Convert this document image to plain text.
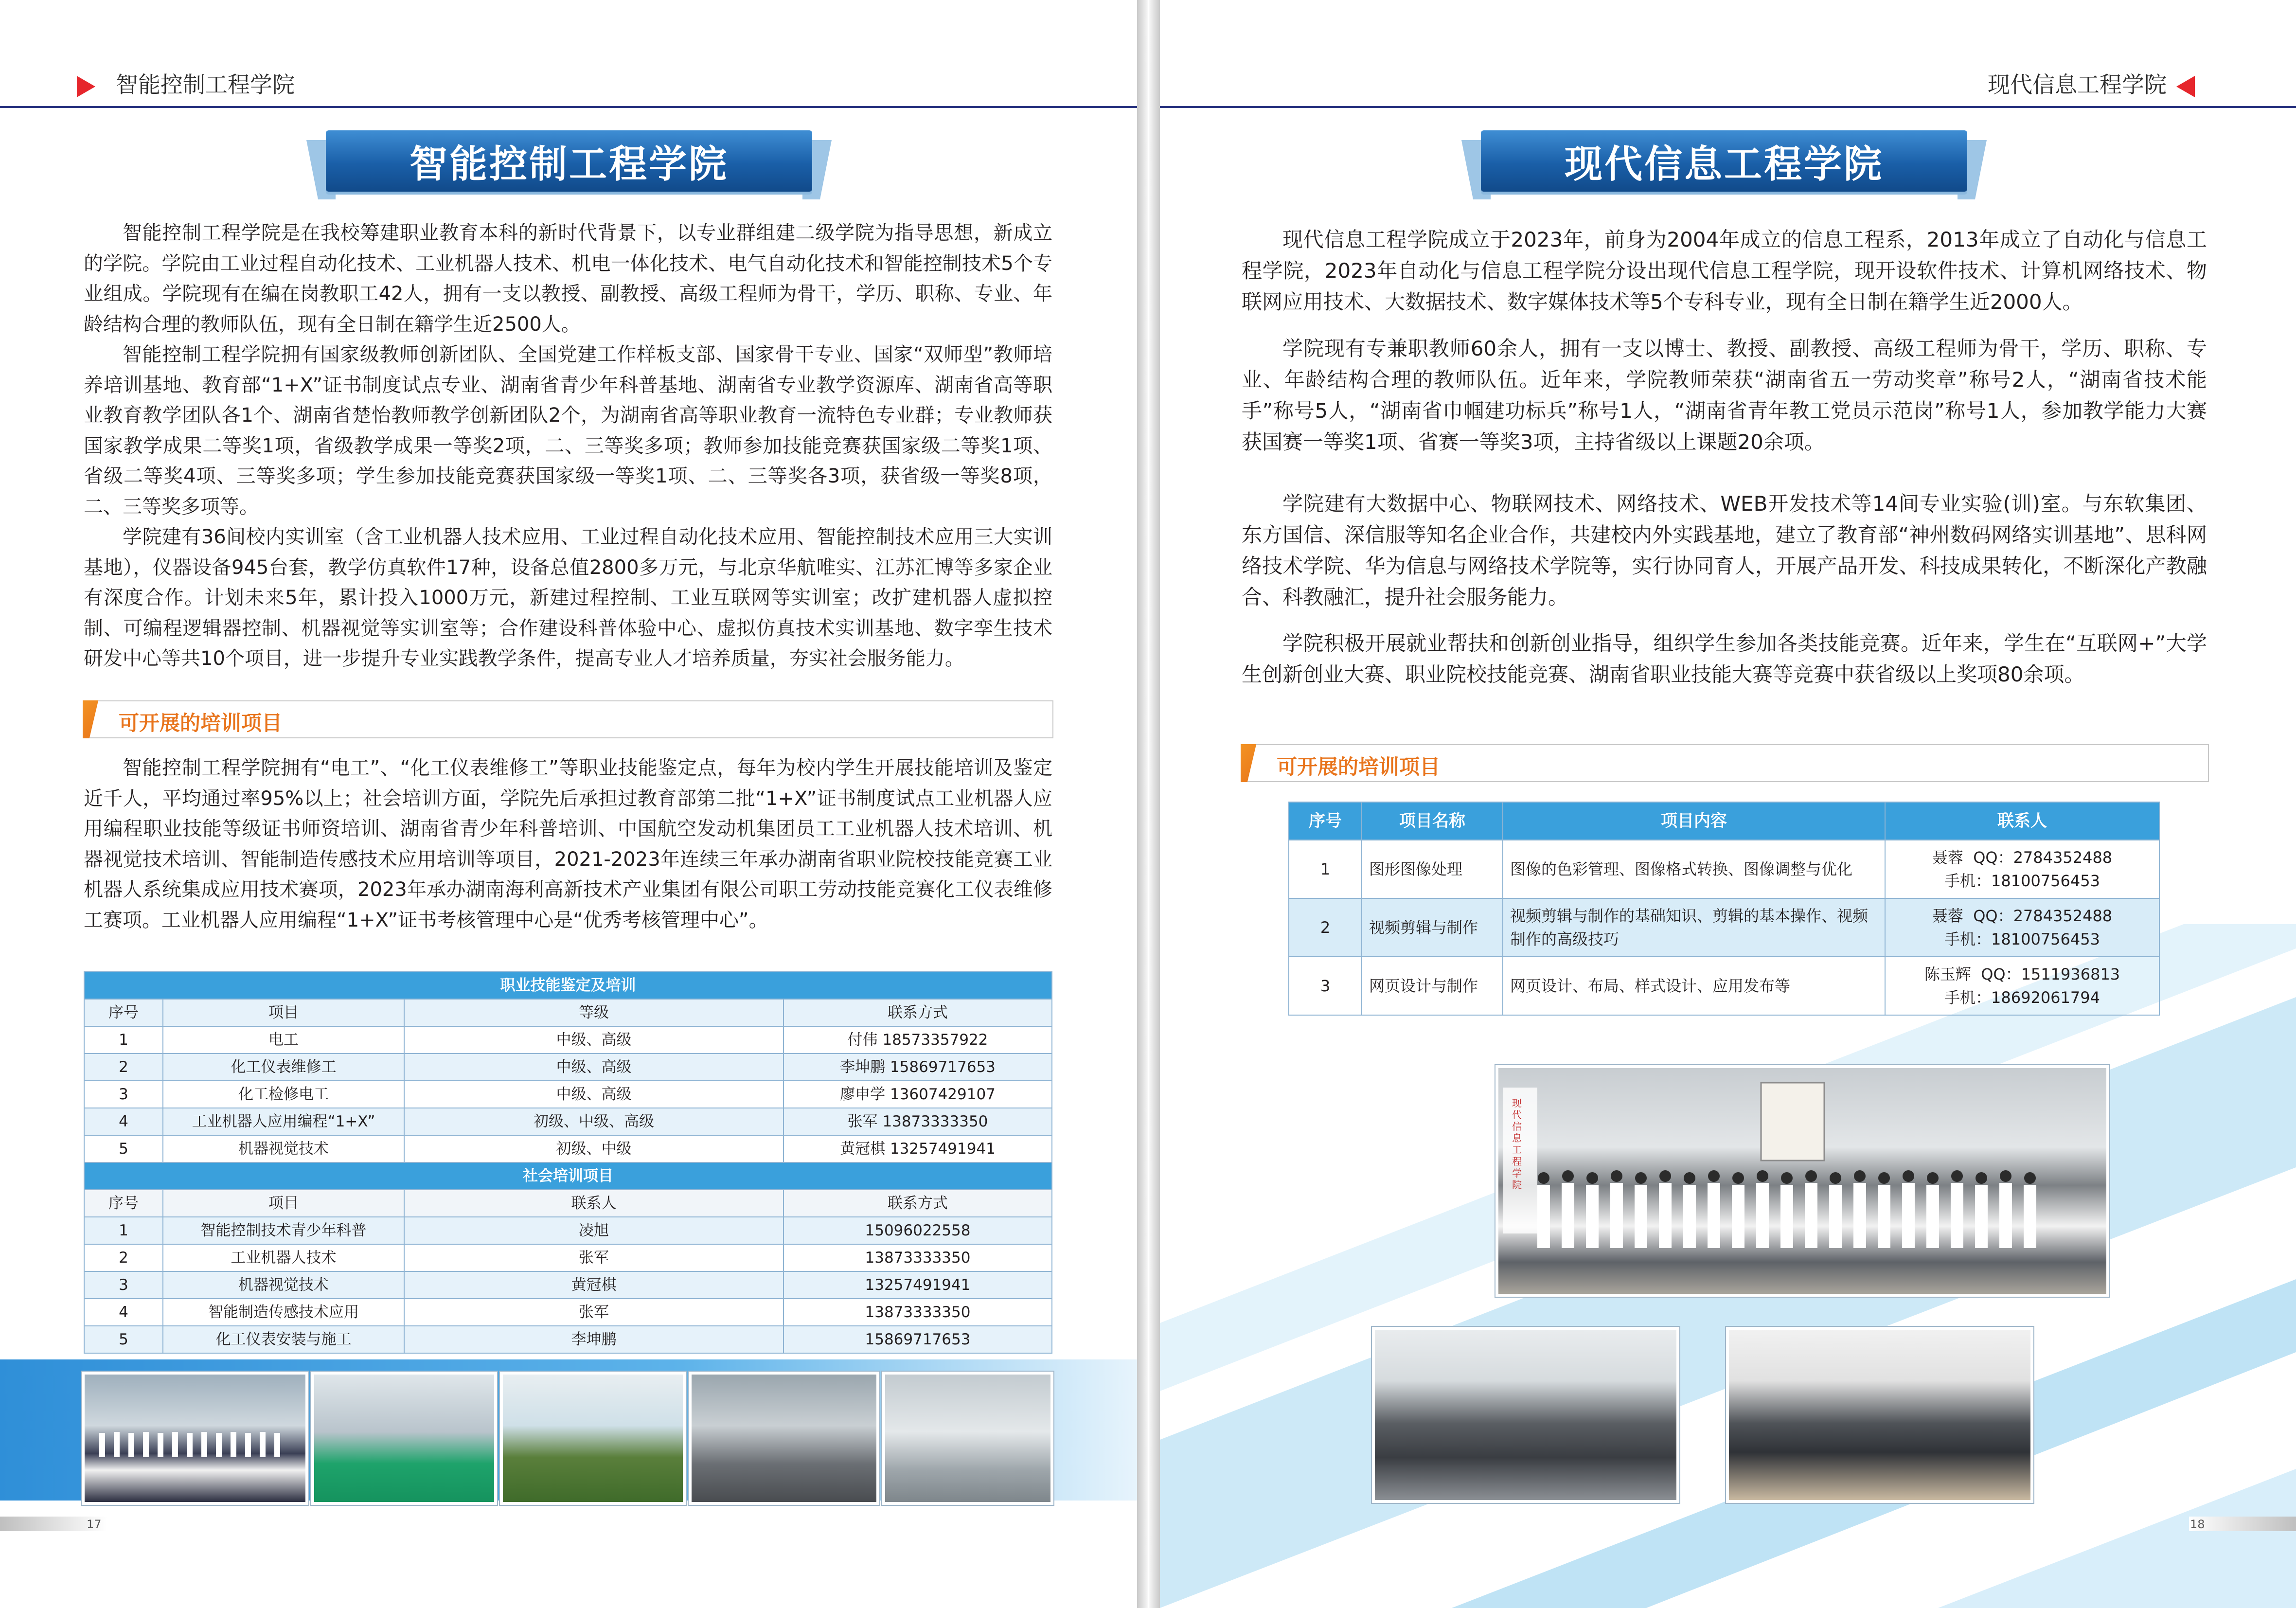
智能控制工程学院
智能控制工程学院

智能控制工程学院是在我校筹建职业教育本科的新时代背景下，以专业群组建二级学院为指导思想，新成立的学院。学院由工业过程自动化技术、工业机器人技术、机电一体化技术、电气自动化技术和智能控制技术5个专业组成。学院现有在编在岗教职工42人，拥有一支以教授、副教授、高级工程师为骨干，学历、职称、专业、年龄结构合理的教师队伍，现有全日制在籍学生近2500人。

智能控制工程学院拥有国家级教师创新团队、全国党建工作样板支部、国家骨干专业、国家“双师型”教师培养培训基地、教育部“1+X”证书制度试点专业、湖南省青少年科普基地、湖南省专业教学资源库、湖南省高等职业教育教学团队各1个、湖南省楚怡教师教学创新团队2个，为湖南省高等职业教育一流特色专业群；专业教师获国家教学成果二等奖1项，省级教学成果一等奖2项，二、三等奖多项；教师参加技能竞赛获国家级二等奖1项、省级二等奖4项、三等奖多项；学生参加技能竞赛获国家级一等奖1项、二、三等奖各3项，获省级一等奖8项，二、三等奖多项等。

学院建有36间校内实训室（含工业机器人技术应用、工业过程自动化技术应用、智能控制技术应用三大实训基地），仪器设备945台套，教学仿真软件17种，设备总值2800多万元，与北京华航唯实、江苏汇博等多家企业有深度合作。计划未来5年，累计投入1000万元，新建过程控制、工业互联网等实训室；改扩建机器人虚拟控制、可编程逻辑器控制、机器视觉等实训室等；合作建设科普体验中心、虚拟仿真技术实训基地、数字孪生技术研发中心等共10个项目，进一步提升专业实践教学条件，提高专业人才培养质量，夯实社会服务能力。

可开展的培训项目

智能控制工程学院拥有“电工”、“化工仪表维修工”等职业技能鉴定点，每年为校内学生开展技能培训及鉴定近千人，平均通过率95%以上；社会培训方面，学院先后承担过教育部第二批“1+X”证书制度试点工业机器人应用编程职业技能等级证书师资培训、湖南省青少年科普培训、中国航空发动机集团员工工业机器人技术培训、机器视觉技术培训、智能制造传感技术应用培训等项目，2021-2023年连续三年承办湖南省职业院校技能竞赛工业机器人系统集成应用技术赛项，2023年承办湖南海利高新技术产业集团有限公司职工劳动技能竞赛化工仪表维修工赛项。工业机器人应用编程“1+X”证书考核管理中心是“优秀考核管理中心”。

职业技能鉴定及培训			
序号	项目	等级	联系方式
1	电工	中级、高级	付伟 18573357922
2	化工仪表维修工	中级、高级	李坤鹏 15869717653
3	化工检修电工	中级、高级	廖申学 13607429107
4	工业机器人应用编程“1+X”	初级、中级、高级	张军 13873333350
5	机器视觉技术	初级、中级	黄冠棋 13257491941
社会培训项目			
序号	项目	联系人	联系方式
1	智能控制技术青少年科普	凌旭	15096022558
2	工业机器人技术	张军	13873333350
3	机器视觉技术	黄冠棋	13257491941
4	智能制造传感技术应用	张军	13873333350
5	化工仪表安装与施工	李坤鹏	15869717653
17
现代信息工程学院
现代信息工程学院

现代信息工程学院成立于2023年，前身为2004年成立的信息工程系，2013年成立了自动化与信息工程学院，2023年自动化与信息工程学院分设出现代信息工程学院，现开设软件技术、计算机网络技术、物联网应用技术、大数据技术、数字媒体技术等5个专科专业，现有全日制在籍学生近2000人。

学院现有专兼职教师60余人，拥有一支以博士、教授、副教授、高级工程师为骨干，学历、职称、专业、年龄结构合理的教师队伍。近年来，学院教师荣获“湖南省五一劳动奖章”称号2人，“湖南省技术能手”称号5人，“湖南省巾帼建功标兵”称号1人，“湖南省青年教工党员示范岗”称号1人，参加教学能力大赛获国赛一等奖1项、省赛一等奖3项，主持省级以上课题20余项。

学院建有大数据中心、物联网技术、网络技术、WEB开发技术等14间专业实验(训)室。与东软集团、东方国信、深信服等知名企业合作，共建校内外实践基地，建立了教育部“神州数码网络实训基地”、思科网络技术学院、华为信息与网络技术学院等，实行协同育人，开展产品开发、科技成果转化，不断深化产教融合、科教融汇，提升社会服务能力。

学院积极开展就业帮扶和创新创业指导，组织学生参加各类技能竞赛。近年来，学生在“互联网+”大学生创新创业大赛、职业院校技能竞赛、湖南省职业技能大赛等竞赛中获省级以上奖项80余项。

可开展的培训项目
序号	项目名称	项目内容	联系人
1	图形图像处理	图像的色彩管理、图像格式转换、图像调整与优化	聂蓉 QQ：2784352488
手机：18100756453

2	视频剪辑与制作	视频剪辑与制作的基础知识、剪辑的基本操作、视频制作的高级技巧	聂蓉 QQ：2784352488
手机：18100756453

3	网页设计与制作	网页设计、布局、样式设计、应用发布等	陈玉辉 QQ：1511936813
手机：18692061794
现代信息工程学院
18
